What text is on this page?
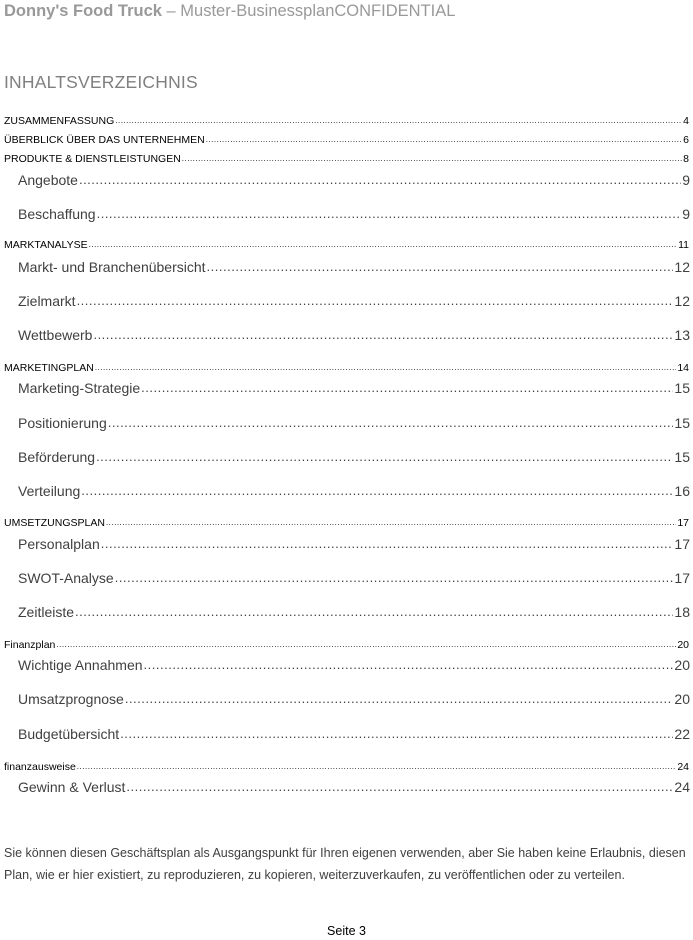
Donny's Food Truck – Muster-BusinessplanCONFIDENTIAL
INHALTSVERZEICHNIS
ZUSAMMENFASSUNG .....	4
ÜBERBLICK ÜBER DAS UNTERNEHMEN .....	6
PRODUKTE & DIENSTLEISTUNGEN .....	8
Angebote .....	9
Beschaffung .....	9
MARKTANALYSE .....	11
Markt- und Branchenübersicht .....	12
Zielmarkt .....	12
Wettbewerb .....	13
MARKETINGPLAN .....	14
Marketing-Strategie .....	15
Positionierung .....	15
Beförderung .....	15
Verteilung .....	16
UMSETZUNGSPLAN .....	17
Personalplan .....	17
SWOT-Analyse .....	17
Zeitleiste .....	18
Finanzplan .....	20
Wichtige Annahmen .....	20
Umsatzprognose .....	20
Budgetübersicht .....	22
finanzausweise .....	24
Gewinn & Verlust .....	24
Sie können diesen Geschäftsplan als Ausgangspunkt für Ihren eigenen verwenden, aber Sie haben keine Erlaubnis, diesen Plan, wie er hier existiert, zu reproduzieren, zu kopieren, weiterzuverkaufen, zu veröffentlichen oder zu verteilen.
Seite 3
